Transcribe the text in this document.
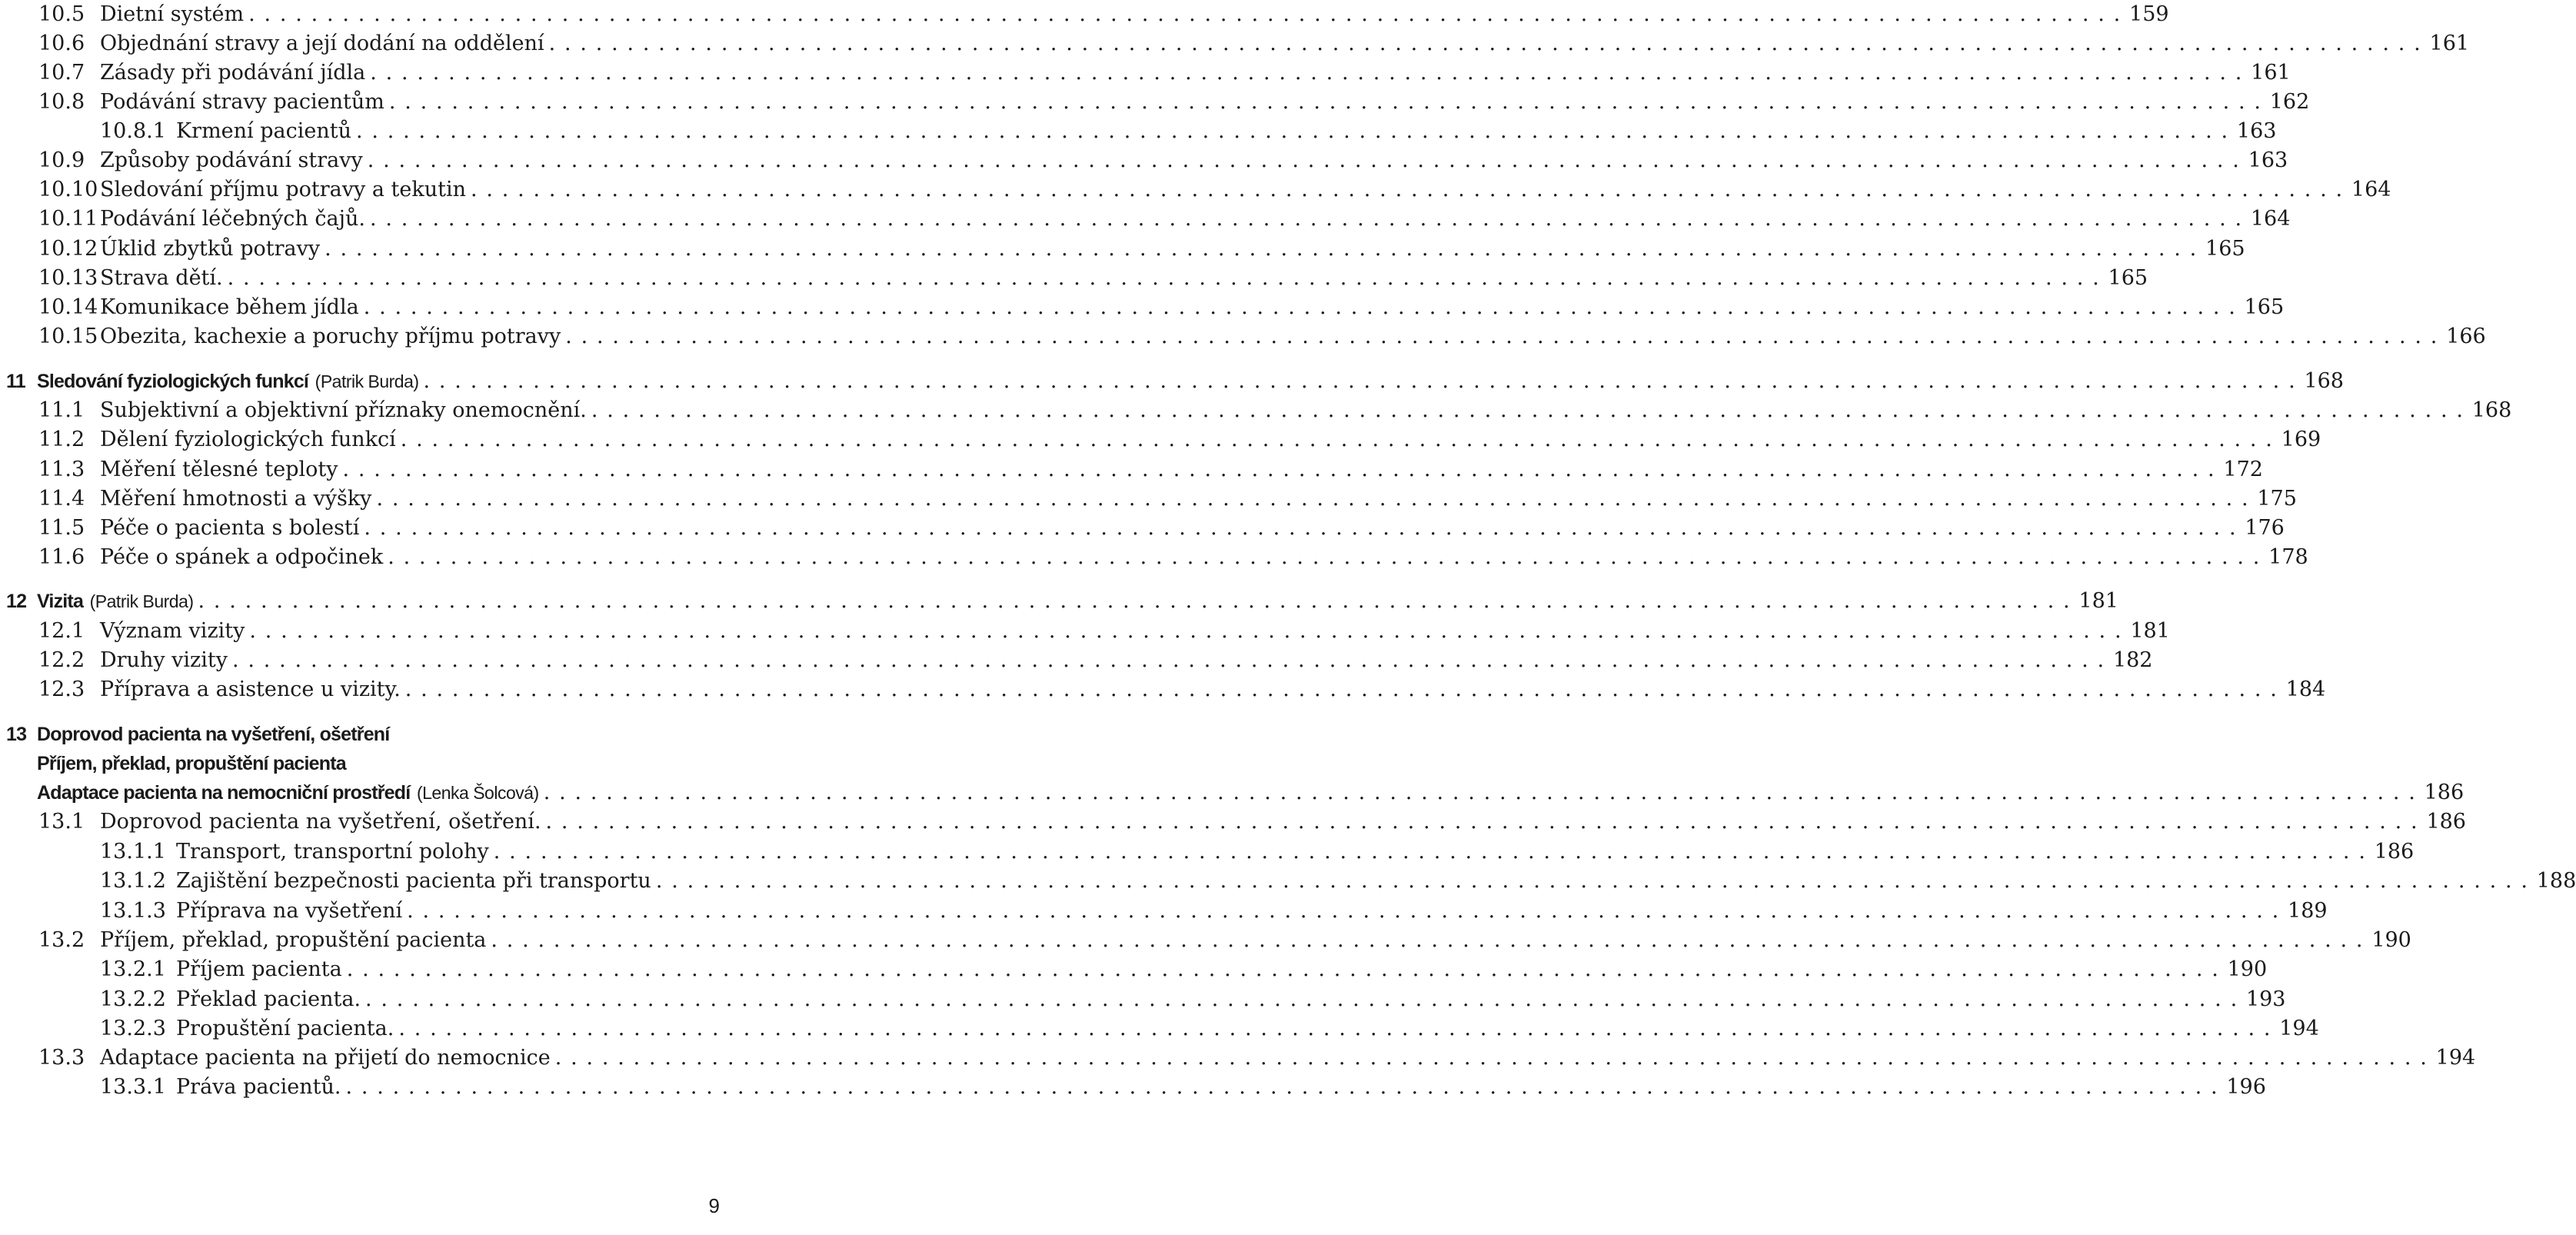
10.5 Dietní systém ........................................................................................................................ 159
10.6 Objednání stravy a její dodání na oddělení ........................................................................................................................ 161
10.7 Zásady při podávání jídla ........................................................................................................................ 161
10.8 Podávání stravy pacientům ........................................................................................................................ 162
10.8.1 Krmení pacientů ........................................................................................................................ 163
10.9 Způsoby podávání stravy ........................................................................................................................ 163
10.10 Sledování příjmu potravy a tekutin ........................................................................................................................ 164
10.11 Podávání léčebných čajů. ........................................................................................................................ 164
10.12 Úklid zbytků potravy ........................................................................................................................ 165
10.13 Strava dětí. ........................................................................................................................ 165
10.14 Komunikace během jídla ........................................................................................................................ 165
10.15 Obezita, kachexie a poruchy příjmu potravy ........................................................................................................................ 166
11 Sledování fyziologických funkcí (Patrik Burda) ........................................................................................................................ 168
11.1 Subjektivní a objektivní příznaky onemocnění. ........................................................................................................................ 168
11.2 Dělení fyziologických funkcí ........................................................................................................................ 169
11.3 Měření tělesné teploty ........................................................................................................................ 172
11.4 Měření hmotnosti a výšky ........................................................................................................................ 175
11.5 Péče o pacienta s bolestí ........................................................................................................................ 176
11.6 Péče o spánek a odpočinek ........................................................................................................................ 178
12 Vizita (Patrik Burda) ........................................................................................................................ 181
12.1 Význam vizity ........................................................................................................................ 181
12.2 Druhy vizity ........................................................................................................................ 182
12.3 Příprava a asistence u vizity. ........................................................................................................................ 184
13 Doprovod pacienta na vyšetření, ošetření
Příjem, překlad, propuštění pacienta
Adaptace pacienta na nemocniční prostředí (Lenka Šolcová) ........................................................................................................................186
13.1 Doprovod pacienta na vyšetření, ošetření. ........................................................................................................................ 186
13.1.1 Transport, transportní polohy ........................................................................................................................ 186
13.1.2 Zajištění bezpečnosti pacienta při transportu ........................................................................................................................ 188
13.1.3 Příprava na vyšetření ........................................................................................................................ 189
13.2 Příjem, překlad, propuštění pacienta ........................................................................................................................ 190
13.2.1 Příjem pacienta ........................................................................................................................ 190
13.2.2 Překlad pacienta. ........................................................................................................................ 193
13.2.3 Propuštění pacienta. ........................................................................................................................ 194
13.3 Adaptace pacienta na přijetí do nemocnice ........................................................................................................................ 194
13.3.1 Práva pacientů. ........................................................................................................................ 196
9
